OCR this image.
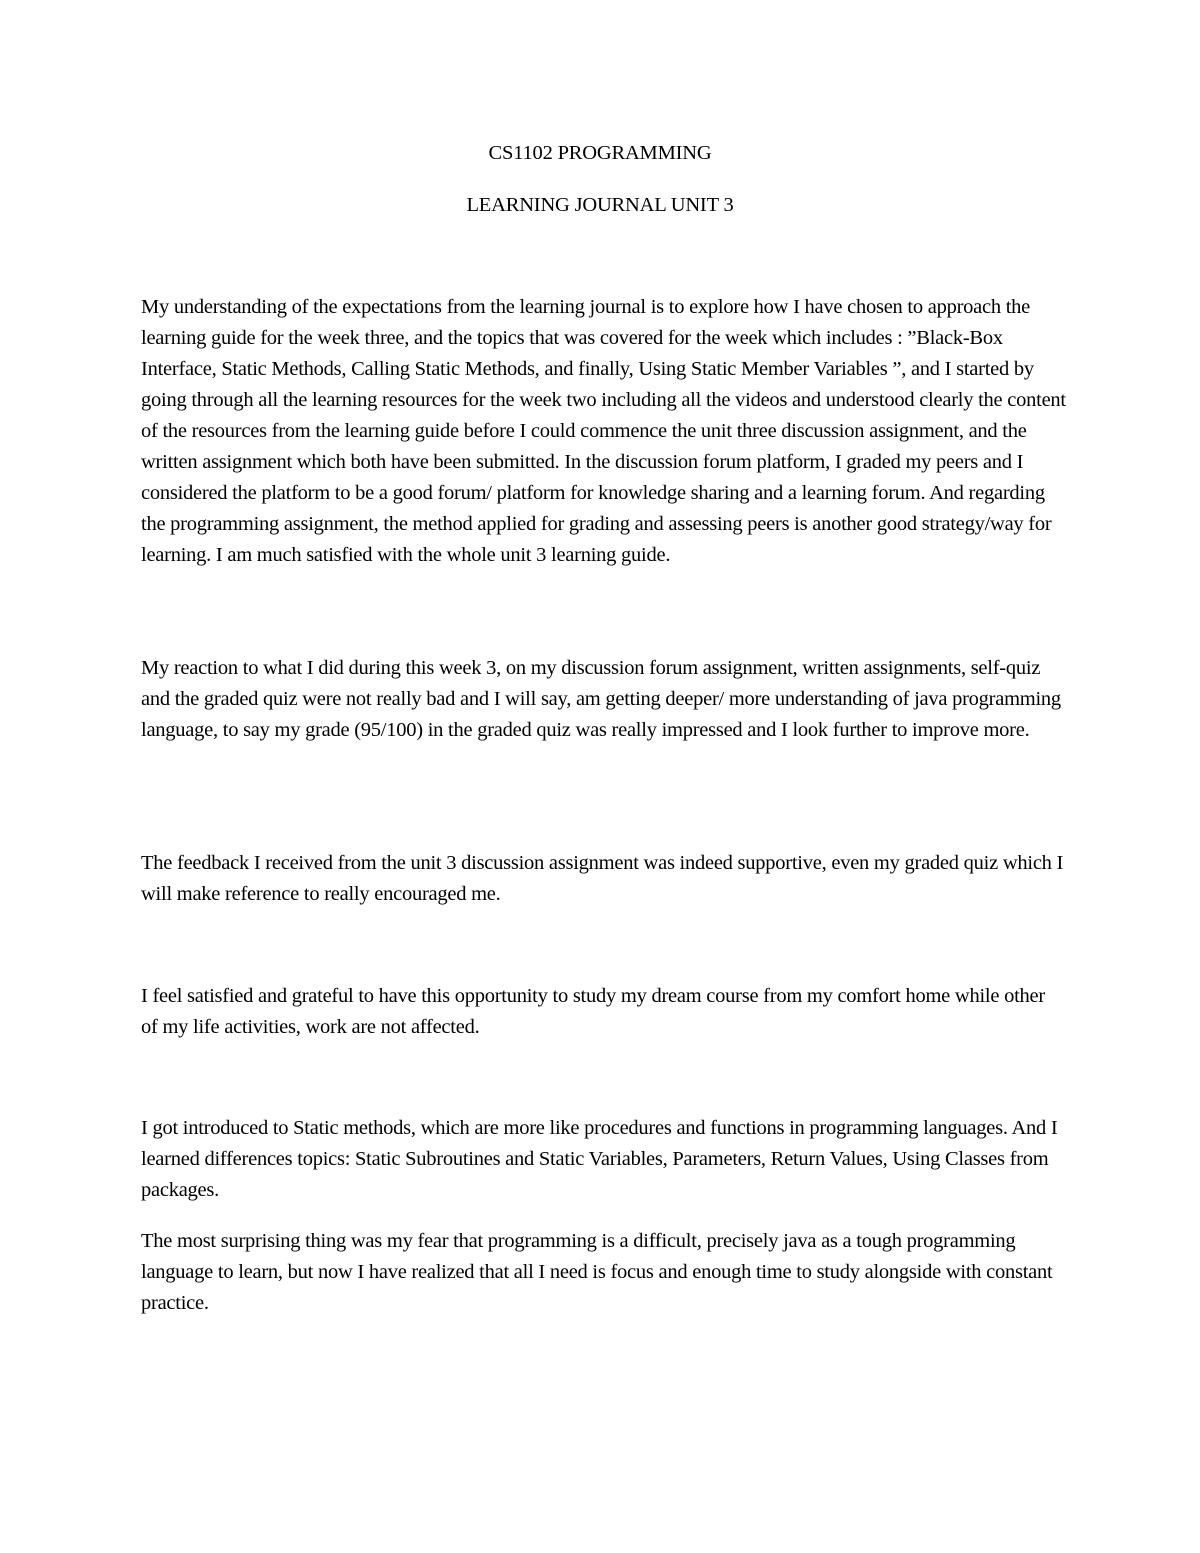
CS1102 PROGRAMMING
LEARNING JOURNAL UNIT 3

My understanding of the expectations from the learning journal is to explore how I have chosen to approach the learning guide for the week three, and the topics that was covered for the week which includes : ”Black-Box Interface, Static Methods, Calling Static Methods, and finally, Using Static Member Variables ”, and I started by going through all the learning resources for the week two including all the videos and understood clearly the content of the resources from the learning guide before I could commence the unit three discussion assignment, and the written assignment which both have been submitted. In the discussion forum platform, I graded my peers and I considered the platform to be a good forum/ platform for knowledge sharing and a learning forum. And regarding the programming assignment, the method applied for grading and assessing peers is another good strategy/way for learning. I am much satisfied with the whole unit 3 learning guide.

My reaction to what I did during this week 3, on my discussion forum assignment, written assignments, self-quiz and the graded quiz were not really bad and I will say, am getting deeper/ more understanding of java programming language, to say my grade (95/100) in the graded quiz was really impressed and I look further to improve more.

The feedback I received from the unit 3 discussion assignment was indeed supportive, even my graded quiz which I will make reference to really encouraged me.

I feel satisfied and grateful to have this opportunity to study my dream course from my comfort home while other of my life activities, work are not affected.

I got introduced to Static methods, which are more like procedures and functions in programming languages. And I learned differences topics: Static Subroutines and Static Variables, Parameters, Return Values, Using Classes from packages.

The most surprising thing was my fear that programming is a difficult, precisely java as a tough programming language to learn, but now I have realized that all I need is focus and enough time to study alongside with constant practice.
